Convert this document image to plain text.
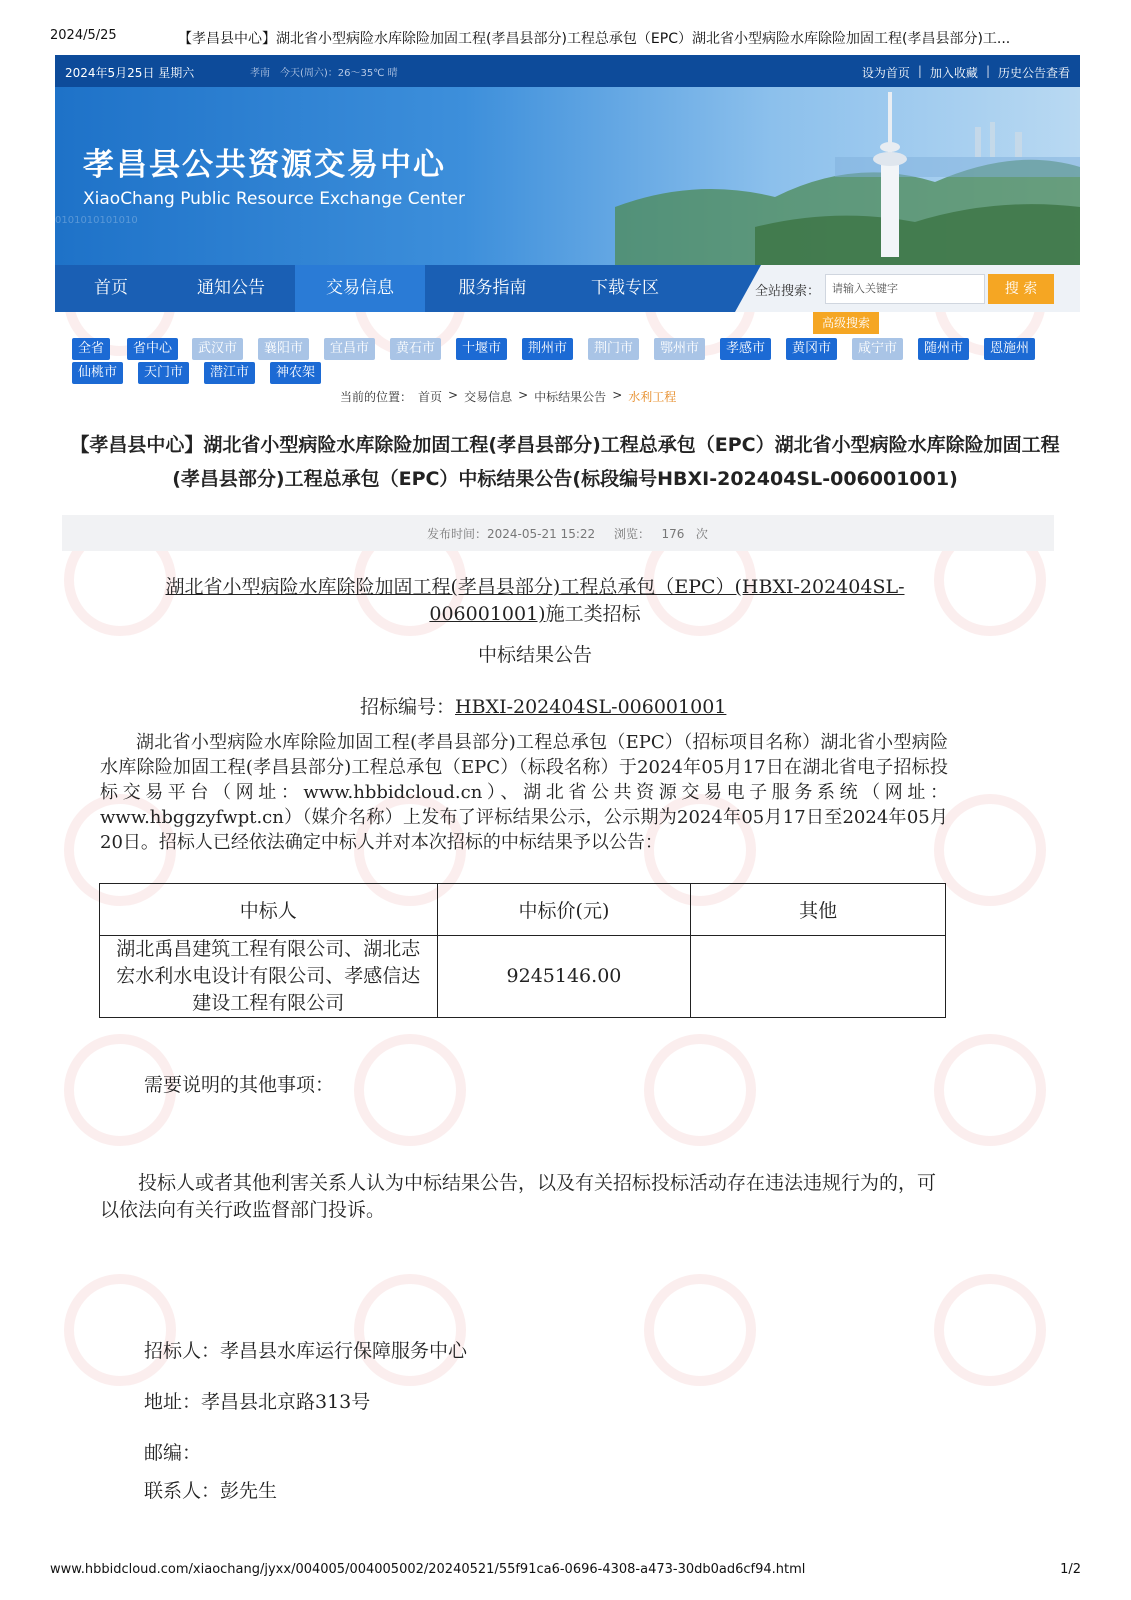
2024/5/25	【孝昌县中心】湖北省小型病险水库除险加固工程(孝昌县部分)工程总承包（EPC）湖北省小型病险水库除险加固工程(孝昌县部分)工...
2024年5月25日 星期六	孝南　今天(周六)：26～35℃ 晴	设为首页 | 加入收藏 | 历史公告查看
孝昌县公共资源交易中心
XiaoChang Public Resource Exchange Center
0101010101010
首页	通知公告	交易信息	服务指南	下载专区	全站搜索：	请输入关键字	搜 索
高级搜索
全省	省中心	武汉市	襄阳市	宜昌市	黄石市	十堰市	荆州市	荆门市	鄂州市	孝感市	黄冈市	咸宁市	随州市	恩施州
仙桃市	天门市	潜江市	神农架
当前的位置： 首页 > 交易信息 > 中标结果公告 > 水利工程
【孝昌县中心】湖北省小型病险水库除险加固工程(孝昌县部分)工程总承包（EPC）湖北省小型病险水库除险加固工程(孝昌县部分)工程总承包（EPC）中标结果公告(标段编号HBXI-202404SL-006001001)
发布时间：2024-05-21 15:22 浏览： 176 次
湖北省小型病险水库除险加固工程(孝昌县部分)工程总承包（EPC）(HBXI-202404SL-006001001)施工类招标
中标结果公告
招标编号：HBXI-202404SL-006001001
湖北省小型病险水库除险加固工程(孝昌县部分)工程总承包（EPC）（招标项目名称）湖北省小型病险水库除险加固工程(孝昌县部分)工程总承包（EPC）（标段名称）于2024年05月17日在湖北省电子招标投标交易平台（网址：www.hbbidcloud.cn）、湖北省公共资源交易电子服务系统（网址：www.hbggzyfwpt.cn）（媒介名称）上发布了评标结果公示，公示期为2024年05月17日至2024年05月20日。招标人已经依法确定中标人并对本次招标的中标结果予以公告：
中标人	中标价(元)	其他
湖北禹昌建筑工程有限公司、湖北志宏水利水电设计有限公司、孝感信达建设工程有限公司	9245146.00	
需要说明的其他事项：
投标人或者其他利害关系人认为中标结果公告，以及有关招标投标活动存在违法违规行为的，可以依法向有关行政监督部门投诉。
招标人：孝昌县水库运行保障服务中心
地址：孝昌县北京路313号
邮编：
联系人：彭先生
www.hbbidcloud.com/xiaochang/jyxx/004005/004005002/20240521/55f91ca6-0696-4308-a473-30db0ad6cf94.html	1/2
